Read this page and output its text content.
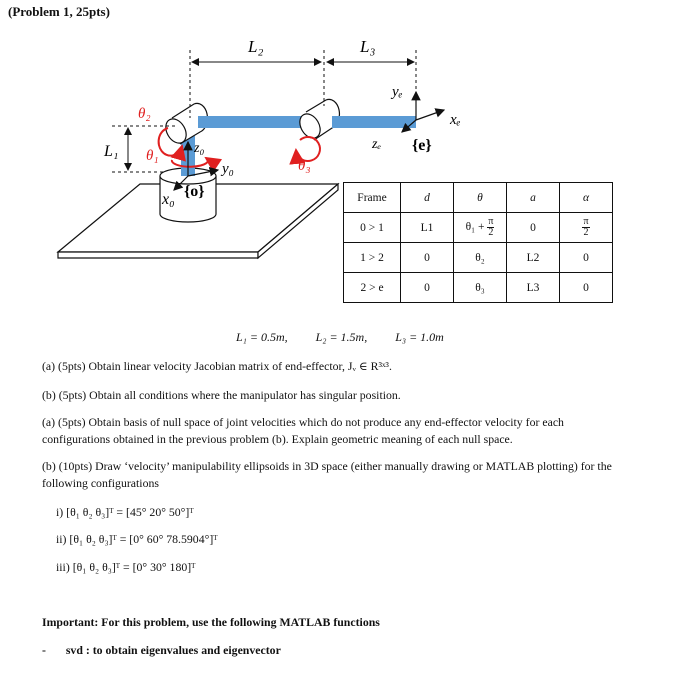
(Problem 1, 25pts)
L₂	L₃
L₁
θ₂
θ₁
θ₃
z₀
y₀
x₀ {o}
yₑ
xₑ
zₑ {e}
Frame	d	θ	a	α
0 > 1	L1	$\theta_1 + \frac{\pi}{2}$	0	$\frac{\pi}{2}$

1 > 2	0	θ₂	L2	0
2 > e	0	θ₃	L3	0
L₁ = 0.5m, L₂ = 1.5m, L₃ = 1.0m
(a) (5pts) Obtain linear velocity Jacobian matrix of end-effector, Jᵥ ∈ R³ˣ³.
(b) (5pts) Obtain all conditions where the manipulator has singular position.
(a) (5pts) Obtain basis of null space of joint velocities which do not produce any end-effector velocity for each configurations obtained in the previous problem (b). Explain geometric meaning of each null space.
(b) (10pts) Draw ‘velocity’ manipulability ellipsoids in 3D space (either manually drawing or MATLAB plotting) for the following configurations
i) [θ₁ θ₂ θ₃]ᵀ = [45° 20° 50°]ᵀ
ii) [θ₁ θ₂ θ₃]ᵀ = [0° 60° 78.5904°]ᵀ
iii) [θ₁ θ₂ θ₃]ᵀ = [0° 30° 180]ᵀ
Important: For this problem, use the following MATLAB functions
- svd : to obtain eigenvalues and eigenvector
